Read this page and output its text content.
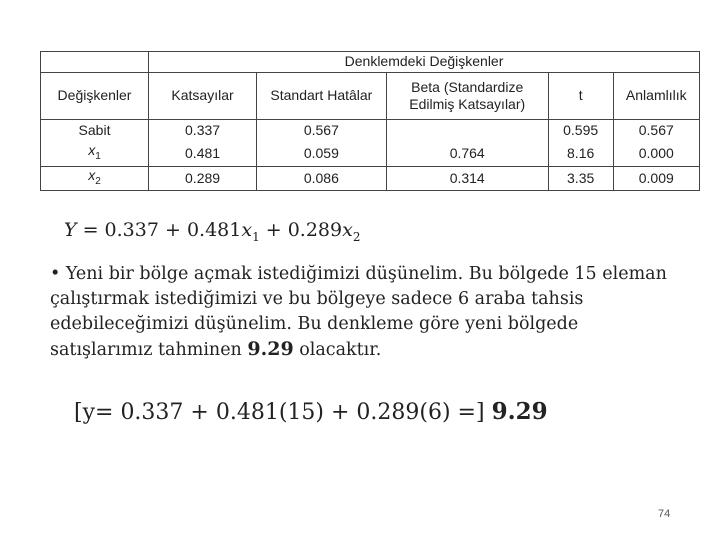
	Denklemdeki Değişkenler				
Değişkenler	Katsayılar	Standart Hatâlar	Beta (Standardize Edilmiş Katsayılar)	t	Anlamlılık
Sabit	0.337	0.567		0.595	0.567
$x_1$	0.481	0.059	0.764	8.16	0.000
$x_2$	0.289	0.086	0.314	3.35	0.009
$Y = 0.337 + 0.481x_1 + 0.289x_2$
• Yeni bir bölge açmak istediğimizi düşünelim. Bu bölgede 15 eleman çalıştırmak istediğimizi ve bu bölgeye sadece 6 araba tahsis edebileceğimizi düşünelim. Bu denkleme göre yeni bölgede satışlarımız tahminen 9.29 olacaktır.
[y= 0.337 + 0.481(15) + 0.289(6) =] 9.29
74
